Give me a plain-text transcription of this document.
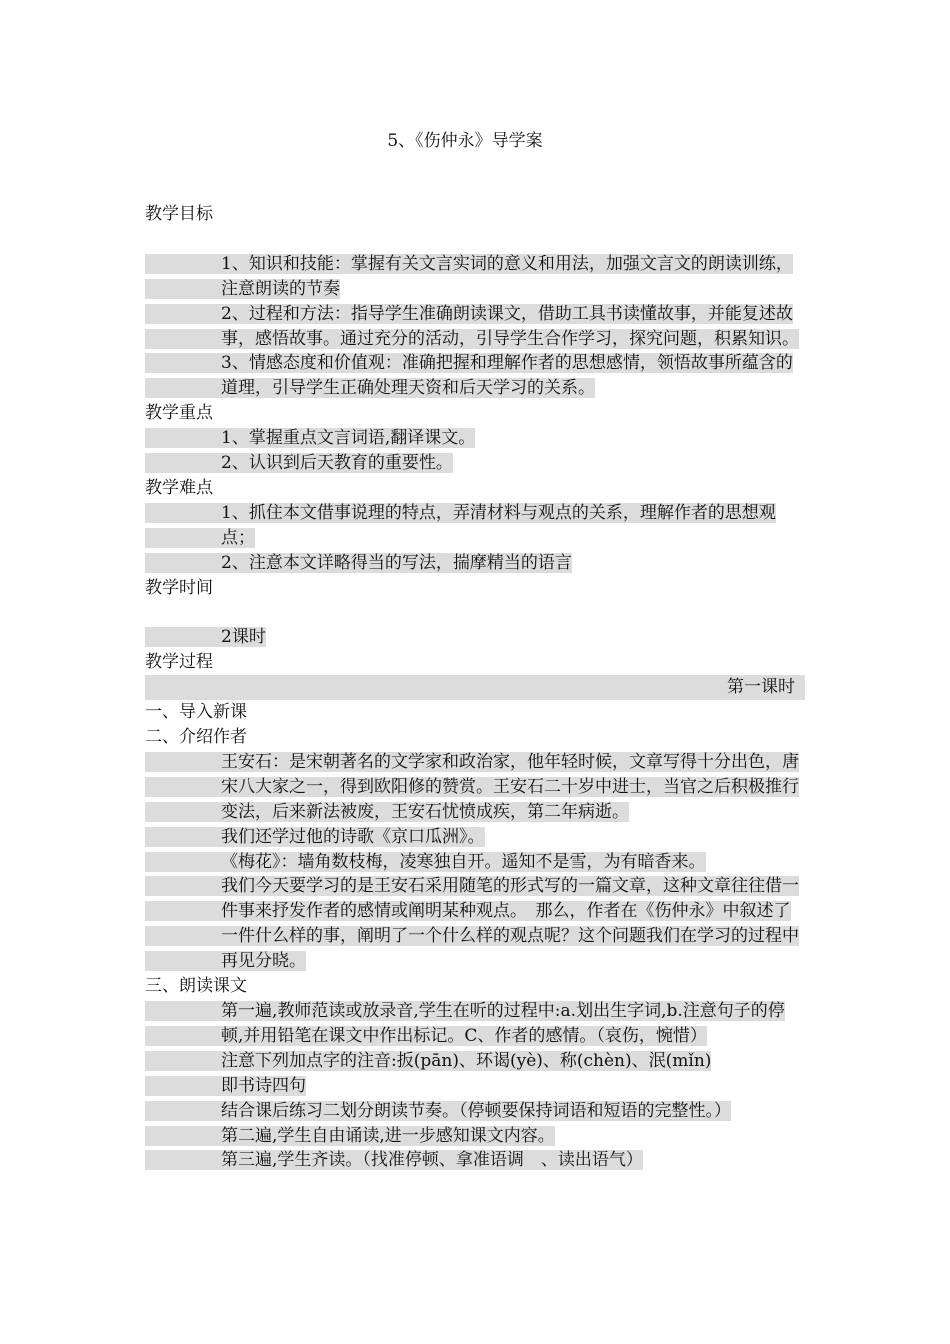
5、《伤仲永》导学案

教学目标

1、知识和技能：掌握有关文言实词的意义和用法，加强文言文的朗读训练，注意朗读的节奏

2、过程和方法：指导学生准确朗读课文，借助工具书读懂故事，并能复述故事，感悟故事。通过充分的活动，引导学生合作学习，探究问题，积累知识。

3、情感态度和价值观：准确把握和理解作者的思想感情，领悟故事所蕴含的道理，引导学生正确处理天资和后天学习的关系。

教学重点

1、掌握重点文言词语,翻译课文。

2、认识到后天教育的重要性。

教学难点

1、抓住本文借事说理的特点，弄清材料与观点的关系，理解作者的思想观点；

2、注意本文详略得当的写法，揣摩精当的语言

教学时间

2课时

教学过程

第一课时

一、导入新课

二、介绍作者

王安石：是宋朝著名的文学家和政治家，他年轻时候，文章写得十分出色，唐宋八大家之一，得到欧阳修的赞赏。王安石二十岁中进士，当官之后积极推行变法，后来新法被废，王安石忧愤成疾，第二年病逝。

我们还学过他的诗歌《京口瓜洲》。

《梅花》：墙角数枝梅，凌寒独自开。遥知不是雪，为有暗香来。

我们今天要学习的是王安石采用随笔的形式写的一篇文章，这种文章往往借一件事来抒发作者的感情或阐明某种观点。　那么，作者在《伤仲永》中叙述了一件什么样的事，阐明了一个什么样的观点呢？这个问题我们在学习的过程中再见分晓。

三、朗读课文

第一遍,教师范读或放录音,学生在听的过程中:a.划出生字词,b.注意句子的停顿,并用铅笔在课文中作出标记。C、作者的感情。（哀伤，惋惜）

注意下列加点字的注音:扳(pān)、环谒(yè)、称(chèn)、泯(mǐn)

即书诗四句

结合课后练习二划分朗读节奏。（停顿要保持词语和短语的完整性。）

第二遍,学生自由诵读,进一步感知课文内容。

第三遍,学生齐读。（找准停顿、拿准语调　、读出语气）
